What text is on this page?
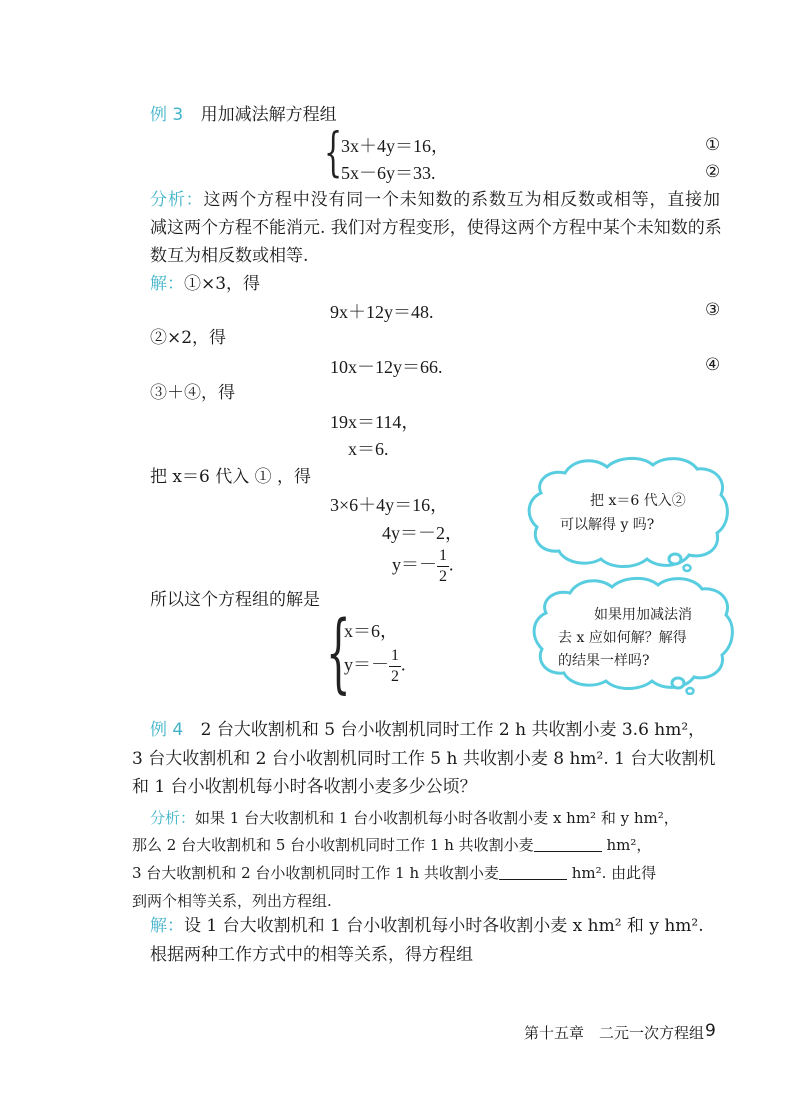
例 3 用加减法解方程组
{
3x＋4y＝16，	①
5x－6y＝33.	②
分析：这两个方程中没有同一个未知数的系数互为相反数或相等，直接加
减这两个方程不能消元. 我们对方程变形，使得这两个方程中某个未知数的系
数互为相反数或相等.
解：①×3，得
9x＋12y＝48.	③
②×2，得
10x－12y＝66.	④
③＋④，得
19x＝114，
x＝6.
把 x＝6 代入 ① ，得
3×6＋4y＝16，
4y＝－2，
$y=- \frac{1}{2}$ .
所以这个方程组的解是
{
x＝6，
$y=- \frac{1}{2}$ .
把 x＝6 代入②
可以解得 y 吗?
如果用加减法消
去 x 应如何解？解得
的结果一样吗?
例 4 2 台大收割机和 5 台小收割机同时工作 2 h 共收割小麦 3.6 hm²，
3 台大收割机和 2 台小收割机同时工作 5 h 共收割小麦 8 hm². 1 台大收割机
和 1 台小收割机每小时各收割小麦多少公顷？
分析：如果 1 台大收割机和 1 台小收割机每小时各收割小麦 x hm² 和 y hm²，
那么 2 台大收割机和 5 台小收割机同时工作 1 h 共收割小麦	hm²，
3 台大收割机和 2 台小收割机同时工作 1 h 共收割小麦	hm². 由此得
到两个相等关系，列出方程组.
解：设 1 台大收割机和 1 台小收割机每小时各收割小麦 x hm² 和 y hm².
根据两种工作方式中的相等关系，得方程组
第十五章　二元一次方程组 9
